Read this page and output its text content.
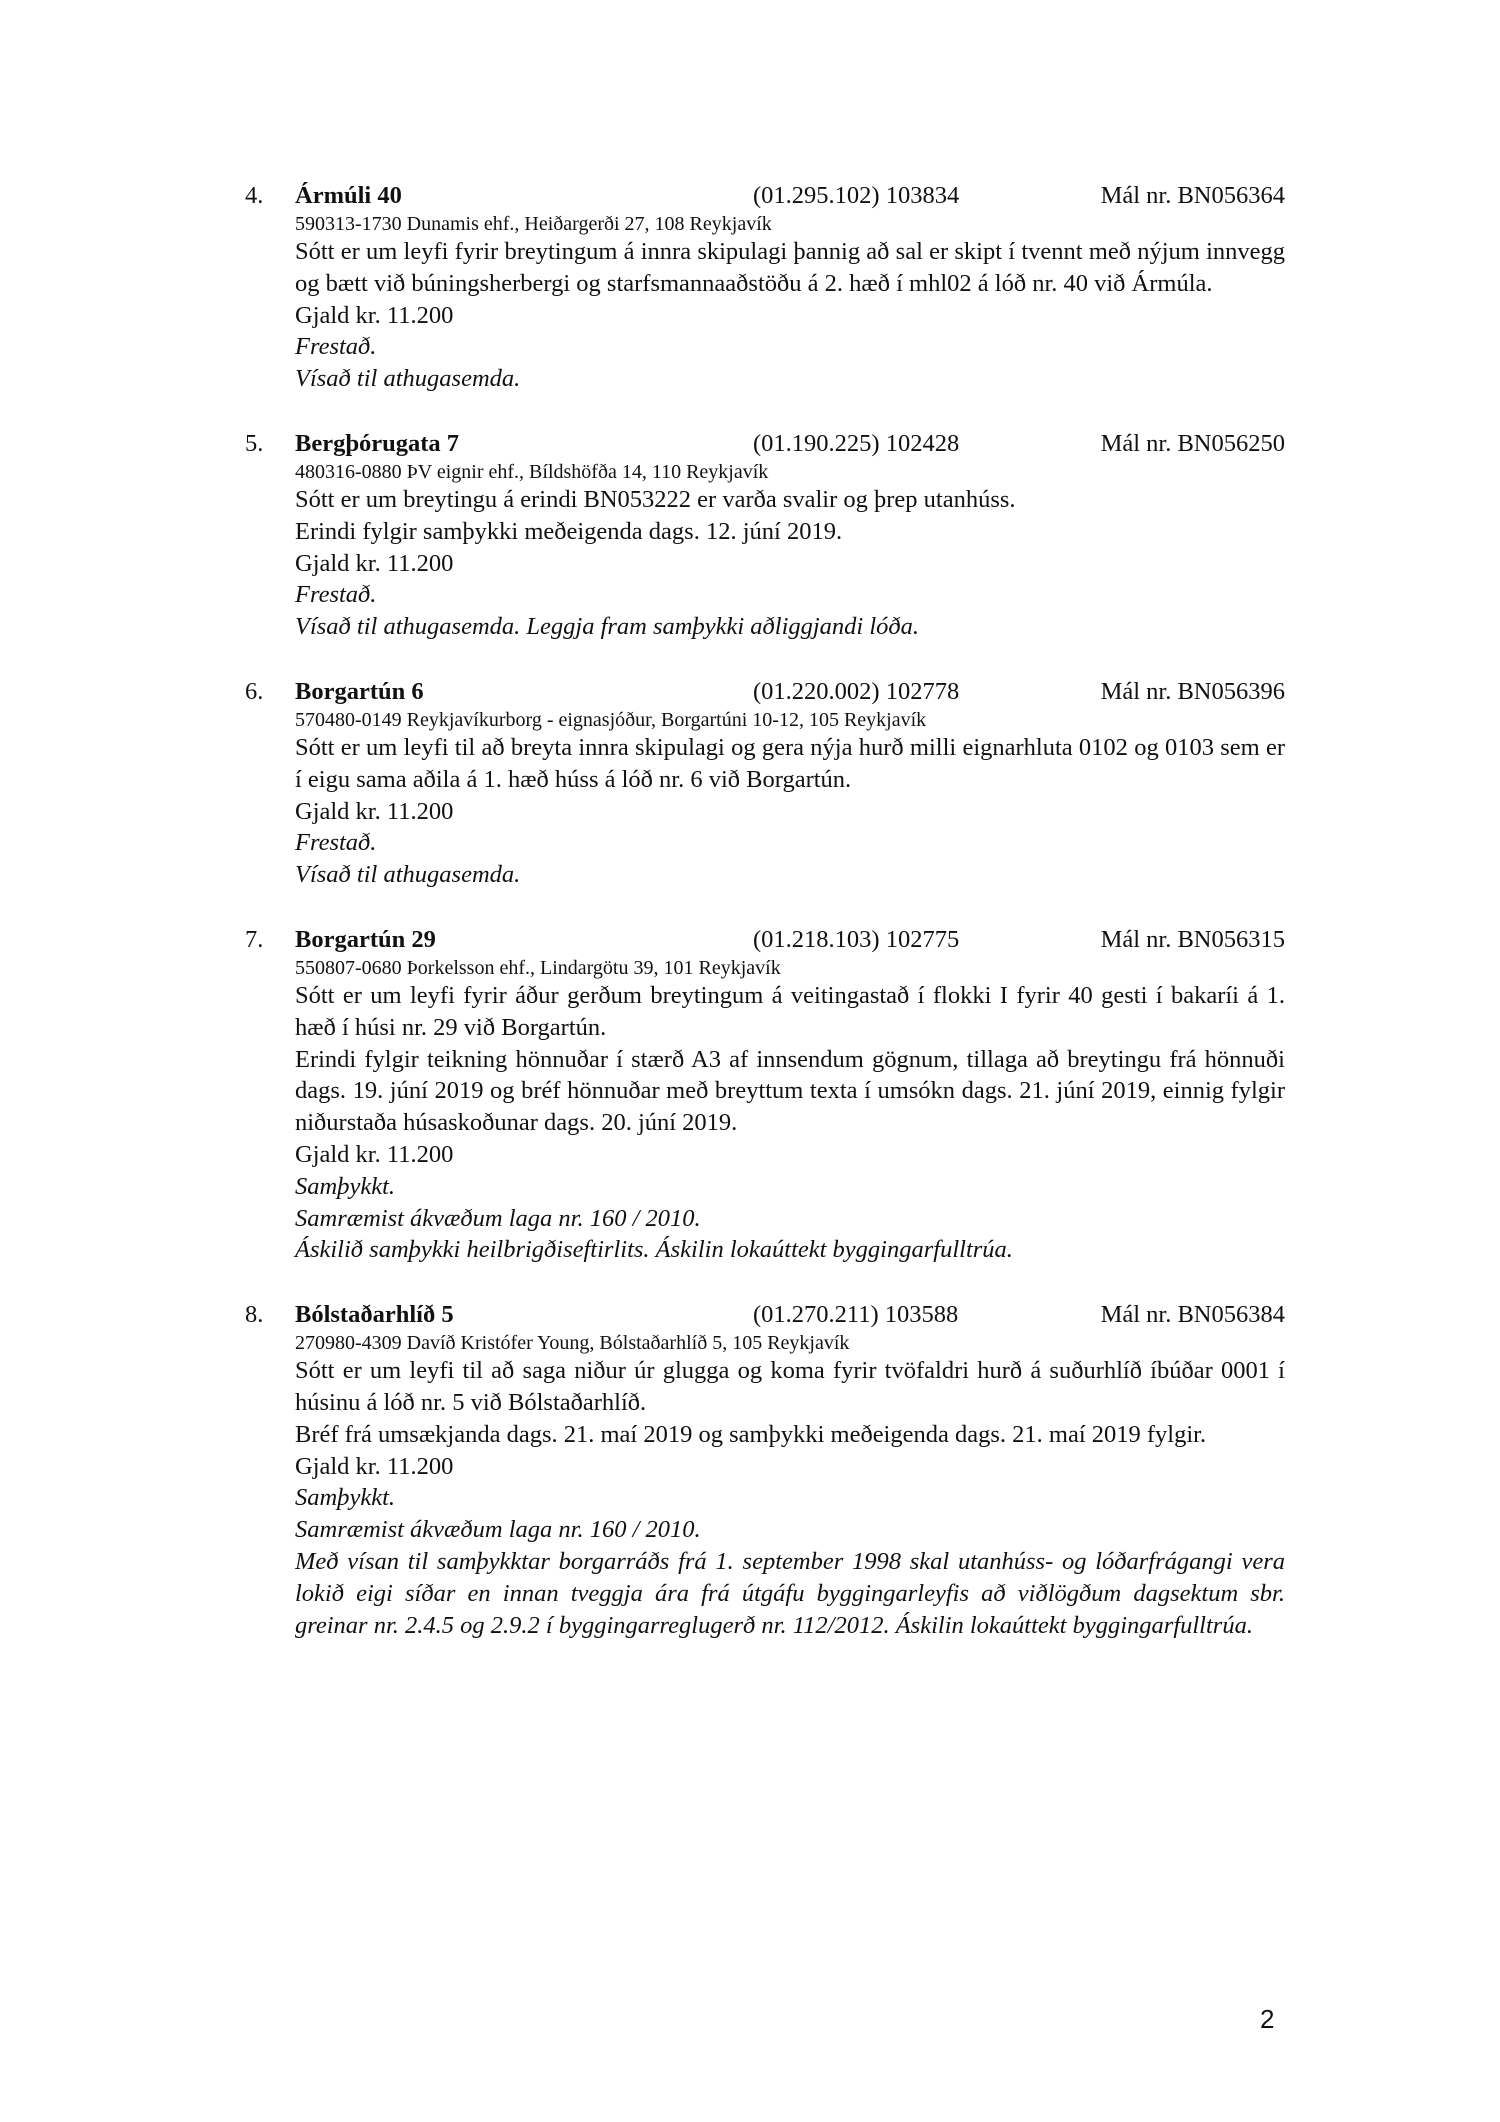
4. Ármúli 40	(01.295.102) 103834	Mál nr. BN056364

590313-1730 Dunamis ehf., Heiðargerði 27, 108 Reykjavík

Sótt er um leyfi fyrir breytingum á innra skipulagi þannig að sal er skipt í tvennt með nýjum innvegg og bætt við búningsherbergi og starfsmannaaðstöðu á 2. hæð í mhl02 á lóð nr. 40 við Ármúla.

Gjald kr. 11.200

Frestað.

Vísað til athugasemda.

5. Bergþórugata 7	(01.190.225) 102428	Mál nr. BN056250

480316-0880 ÞV eignir ehf., Bíldshöfða 14, 110 Reykjavík

Sótt er um breytingu á erindi BN053222 er varða svalir og þrep utanhúss.

Erindi fylgir samþykki meðeigenda dags. 12. júní 2019.

Gjald kr. 11.200

Frestað.

Vísað til athugasemda. Leggja fram samþykki aðliggjandi lóða.

6. Borgartún 6	(01.220.002) 102778	Mál nr. BN056396

570480-0149 Reykjavíkurborg - eignasjóður, Borgartúni 10-12, 105 Reykjavík

Sótt er um leyfi til að breyta innra skipulagi og gera nýja hurð milli eignarhluta 0102 og 0103 sem er í eigu sama aðila á 1. hæð húss á lóð nr. 6 við Borgartún.

Gjald kr. 11.200

Frestað.

Vísað til athugasemda.

7. Borgartún 29	(01.218.103) 102775	Mál nr. BN056315

550807-0680 Þorkelsson ehf., Lindargötu 39, 101 Reykjavík

Sótt er um leyfi fyrir áður gerðum breytingum á veitingastað í flokki I fyrir 40 gesti í bakaríi á 1. hæð í húsi nr. 29 við Borgartún.

Erindi fylgir teikning hönnuðar í stærð A3 af innsendum gögnum, tillaga að breytingu frá hönnuði dags. 19. júní 2019 og bréf hönnuðar með breyttum texta í umsókn dags. 21. júní 2019, einnig fylgir niðurstaða húsaskoðunar dags. 20. júní 2019.

Gjald kr. 11.200

Samþykkt.

Samræmist ákvæðum laga nr. 160 / 2010.

Áskilið samþykki heilbrigðiseftirlits. Áskilin lokaúttekt byggingarfulltrúa.

8. Bólstaðarhlíð 5	(01.270.211) 103588	Mál nr. BN056384

270980-4309 Davíð Kristófer Young, Bólstaðarhlíð 5, 105 Reykjavík

Sótt er um leyfi til að saga niður úr glugga og koma fyrir tvöfaldri hurð á suðurhlíð íbúðar 0001 í húsinu á lóð nr. 5 við Bólstaðarhlíð.

Bréf frá umsækjanda dags. 21. maí 2019 og samþykki meðeigenda dags. 21. maí 2019 fylgir.

Gjald kr. 11.200

Samþykkt.

Samræmist ákvæðum laga nr. 160 / 2010.

Með vísan til samþykktar borgarráðs frá 1. september 1998 skal utanhúss- og lóðarfrágangi vera lokið eigi síðar en innan tveggja ára frá útgáfu byggingarleyfis að viðlögðum dagsektum sbr. greinar nr. 2.4.5 og 2.9.2 í byggingarreglugerð nr. 112/2012. Áskilin lokaúttekt byggingarfulltrúa.

2
